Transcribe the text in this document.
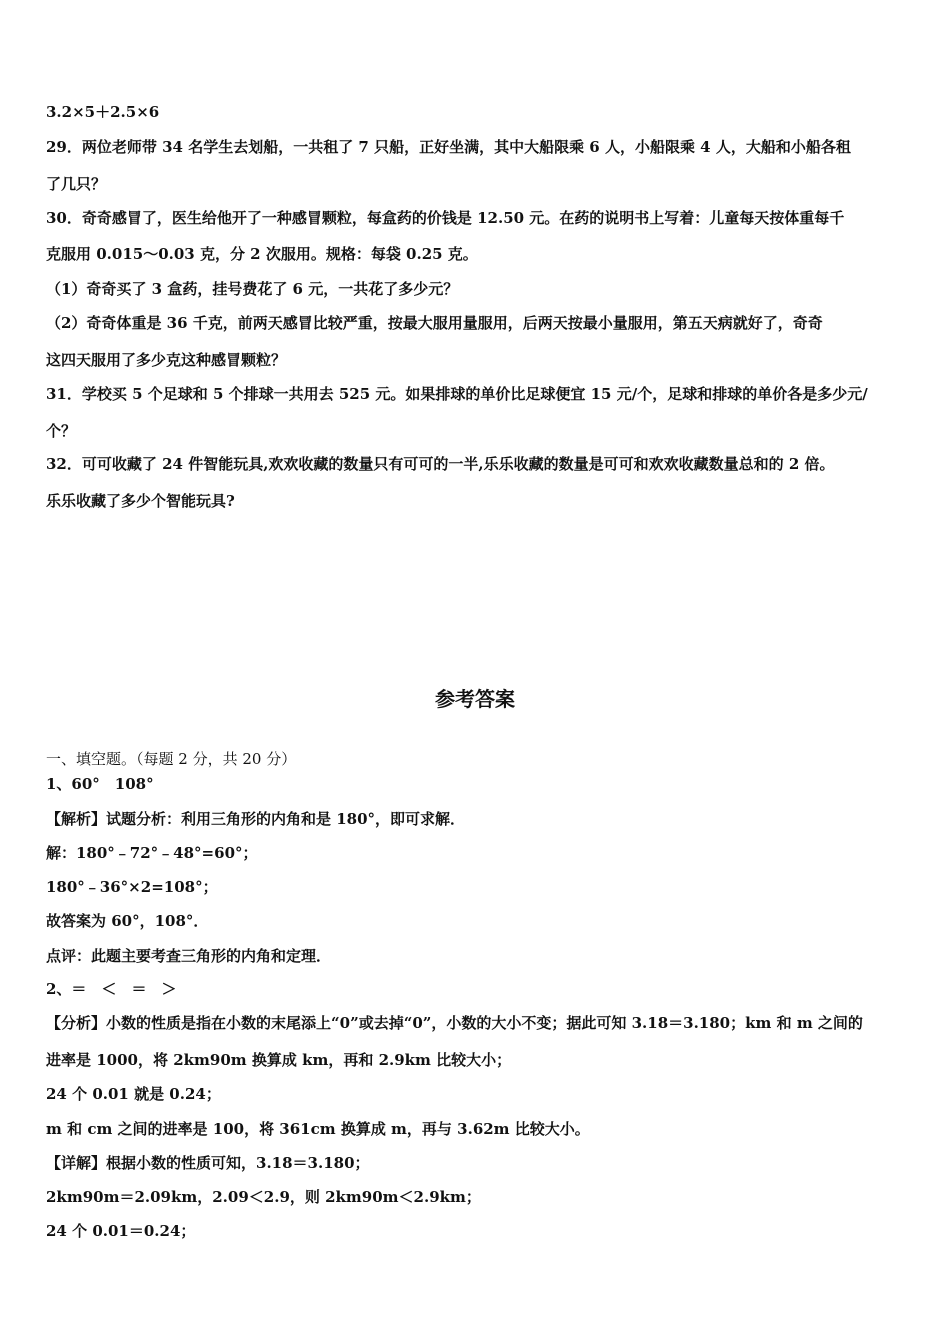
3.2×5＋2.5×6
29．两位老师带 34 名学生去划船，一共租了 7 只船，正好坐满，其中大船限乘 6 人，小船限乘 4 人，大船和小船各租
了几只？
30．奇奇感冒了，医生给他开了一种感冒颗粒，每盒药的价钱是 12.50 元。在药的说明书上写着：儿童每天按体重每千
克服用 0.015～0.03 克，分 2 次服用。规格：每袋 0.25 克。
（1）奇奇买了 3 盒药，挂号费花了 6 元，一共花了多少元？
（2）奇奇体重是 36 千克，前两天感冒比较严重，按最大服用量服用，后两天按最小量服用，第五天病就好了，奇奇
这四天服用了多少克这种感冒颗粒？
31．学校买 5 个足球和 5 个排球一共用去 525 元。如果排球的单价比足球便宜 15 元/个，足球和排球的单价各是多少元/
个？
32．可可收藏了 24 件智能玩具,欢欢收藏的数量只有可可的一半,乐乐收藏的数量是可可和欢欢收藏数量总和的 2 倍。
乐乐收藏了多少个智能玩具?
参考答案
一、填空题。（每题 2 分，共 20 分）
1、60°　108°
【解析】试题分析：利用三角形的内角和是 180°，即可求解．
解：180°﹣72°﹣48°=60°；
180°﹣36°×2=108°；
故答案为 60°，108°．
点评：此题主要考查三角形的内角和定理．
2、＝　＜　＝　＞
【分析】小数的性质是指在小数的末尾添上“0”或去掉“0”，小数的大小不变；据此可知 3.18＝3.180；km 和 m 之间的
进率是 1000，将 2km90m 换算成 km，再和 2.9km 比较大小；
24 个 0.01 就是 0.24；
m 和 cm 之间的进率是 100，将 361cm 换算成 m，再与 3.62m 比较大小。
【详解】根据小数的性质可知，3.18＝3.180；
2km90m＝2.09km，2.09＜2.9，则 2km90m＜2.9km；
24 个 0.01＝0.24；
